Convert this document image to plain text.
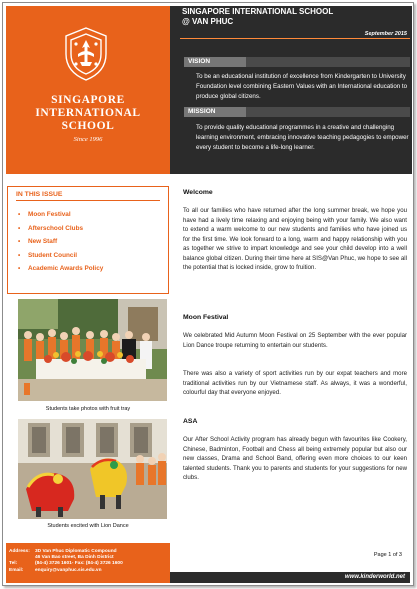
SINGAPORE
INTERNATIONAL
SCHOOL
Since 1996
SINGAPORE INTERNATIONAL SCHOOL
@ VAN PHUC
September 2015
VISION
To be an educational institution of excellence from Kindergarten to University Foundation level combining Eastern Values with an International education to produce global citizens.
MISSION
To provide quality educational programmes in a creative and challenging learning environment, embracing innovative teaching pedagogies to empower every student to become a life-long learner.
IN THIS ISSUE
• Moon Festival
• Afterschool Clubs
• New Staff
• Student Council
• Academic Awards Policy
Students take photos with fruit tray
Students excited with Lion Dance
Welcome
To all our families who have returned after the long summer break, we hope you have had a lively time relaxing and enjoying being with your family. We also want to extend a warm welcome to our new students and families who have joined us for the first time. We look forward to a long, warm and happy relationship with you as together we strive to impart knowledge and see your child develop into a well balance global citizen. During their time here at SIS@Van Phuc, we hope to see all the potential that is locked inside, grow to fruition.
Moon Festival
We celebrated Mid Autumn Moon Festival on 25 September with the ever popular Lion Dance troupe returning to entertain our students.
There was also a variety of sport activities run by our expat teachers and more traditional activities run by our Vietnamese staff. As always, it was a wonderful, colourful day that everyone enjoyed.
ASA
Our After School Activity program has already begun with favourites like Cookery, Chinese, Badminton, Football and Chess all being extremely popular but also our new classes, Drama and School Band, offering even more choices to our keen talented students. Thank you to parents and students for your suggestions for new clubs.
Address: 3D Van Phuc Diplomatic Compound
46 Van Bao street, Ba Dinh District
Tel:	(84-4) 3726 1601- Fax: (84-4) 3726 1600
Email: enquiry@vanphuc.sis.edu.vn
Page 1 of 3
www.kinderworld.net
